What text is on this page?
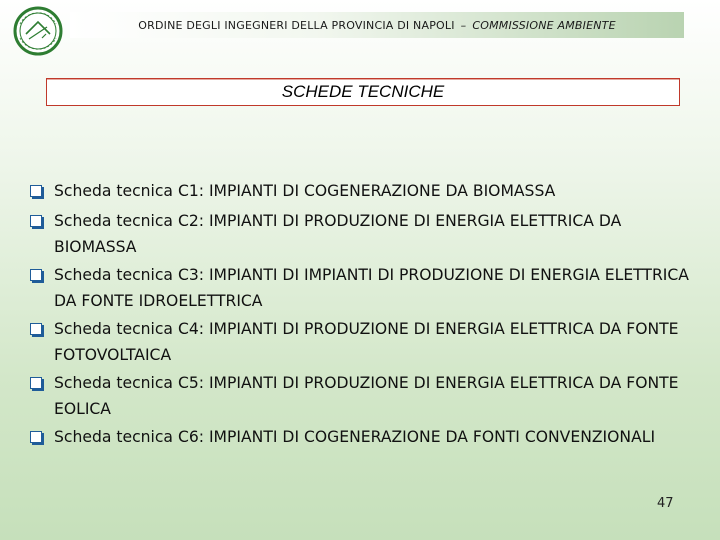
ORDINE DEGLI INGEGNERI DELLA PROVINCIA DI NAPOLI – COMMISSIONE AMBIENTE
SCHEDE TECNICHE
Scheda tecnica C1: IMPIANTI DI COGENERAZIONE DA BIOMASSA
Scheda tecnica C2: IMPIANTI DI PRODUZIONE DI ENERGIA ELETTRICA DA BIOMASSA
Scheda tecnica C3: IMPIANTI DI IMPIANTI DI PRODUZIONE DI ENERGIA ELETTRICA DA FONTE IDROELETTRICA
Scheda tecnica C4: IMPIANTI DI PRODUZIONE DI ENERGIA ELETTRICA DA FONTE FOTOVOLTAICA
Scheda tecnica C5: IMPIANTI DI PRODUZIONE DI ENERGIA ELETTRICA DA FONTE EOLICA
Scheda tecnica C6: IMPIANTI DI COGENERAZIONE DA FONTI CONVENZIONALI
47
